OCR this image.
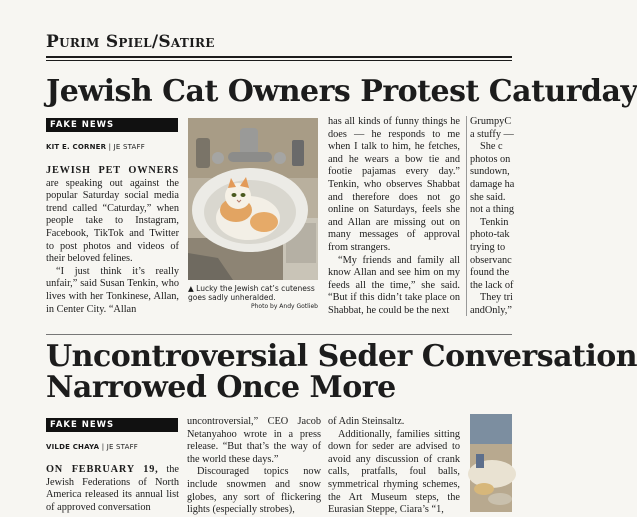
Purim Spiel/Satire
Jewish Cat Owners Protest Caturday
FAKE NEWS
KIT E. CORNER | JE STAFF

JEWISH PET OWNERS are speaking out against the popular Saturday social media trend called “Caturday,” when people take to Instagram, Facebook, TikTok and Twitter to post photos and videos of their beloved felines.

“I just think it’s really unfair,” said Susan Tenkin, who lives with her Tonkinese, Allan, in Center City. “Allan

▲ Lucky the Jewish cat’s cuteness goes sadly unheralded.
Photo by Andy Gotlieb

has all kinds of funny things he does — he responds to me when I talk to him, he fetches, and he wears a bow tie and footie pajamas every day.” Tenkin, who observes Shabbat and therefore does not go online on Saturdays, feels she and Allan are missing out on many messages of approval from strangers.

“My friends and family all know Allan and see him on my feeds all the time,” she said. “But if this didn’t take place on Shabbat, he could be the next

GrumpyC
a stuffy —
She c
photos on
sundown,
damage ha
she said.
not a thing
Tenkin
photo-tak
trying to
observanc
found the
the lack of
They tri
andOnly,”
Uncontroversial Seder Conversation
Narrowed Once More
FAKE NEWS
VILDE CHAYA | JE STAFF

ON FEBRUARY 19, the Jewish Federations of North America released its annual list of approved conversation

uncontroversial,” CEO Jacob Netanyahoo wrote in a press release. “But that’s the way of the world these days.”

Discouraged topics now include snowmen and snow globes, any sort of flickering lights (especially strobes),

of Adin Steinsaltz.

Additionally, families sitting down for seder are advised to avoid any discussion of crank calls, pratfalls, foul balls, symmetrical rhyming schemes, the Art Museum steps, the Eurasian Steppe, Ciara’s “1,
